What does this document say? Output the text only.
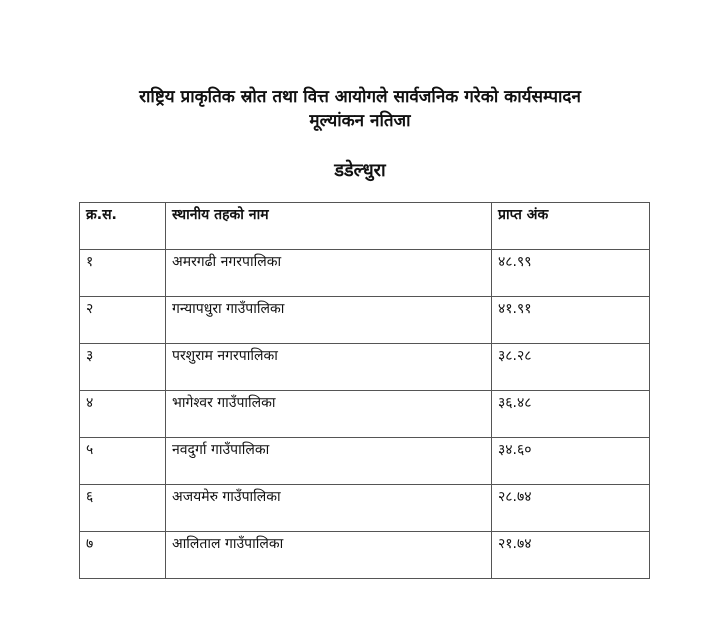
राष्ट्रिय प्राकृतिक स्रोत तथा वित्त आयोगले सार्वजनिक गरेको कार्यसम्पादन
मूल्यांकन नतिजा
डडेल्धुरा
क्र.स.	स्थानीय तहको नाम	प्राप्त अंक
१	अमरगढी नगरपालिका	४८.९९
२	गन्यापधुरा गाउँपालिका	४१.९१
३	परशुराम नगरपालिका	३८.२८
४	भागेश्वर गाउँपालिका	३६.४८
५	नवदुर्गा गाउँपालिका	३४.६०
६	अजयमेरु गाउँपालिका	२८.७४
७	आलिताल गाउँपालिका	२१.७४
